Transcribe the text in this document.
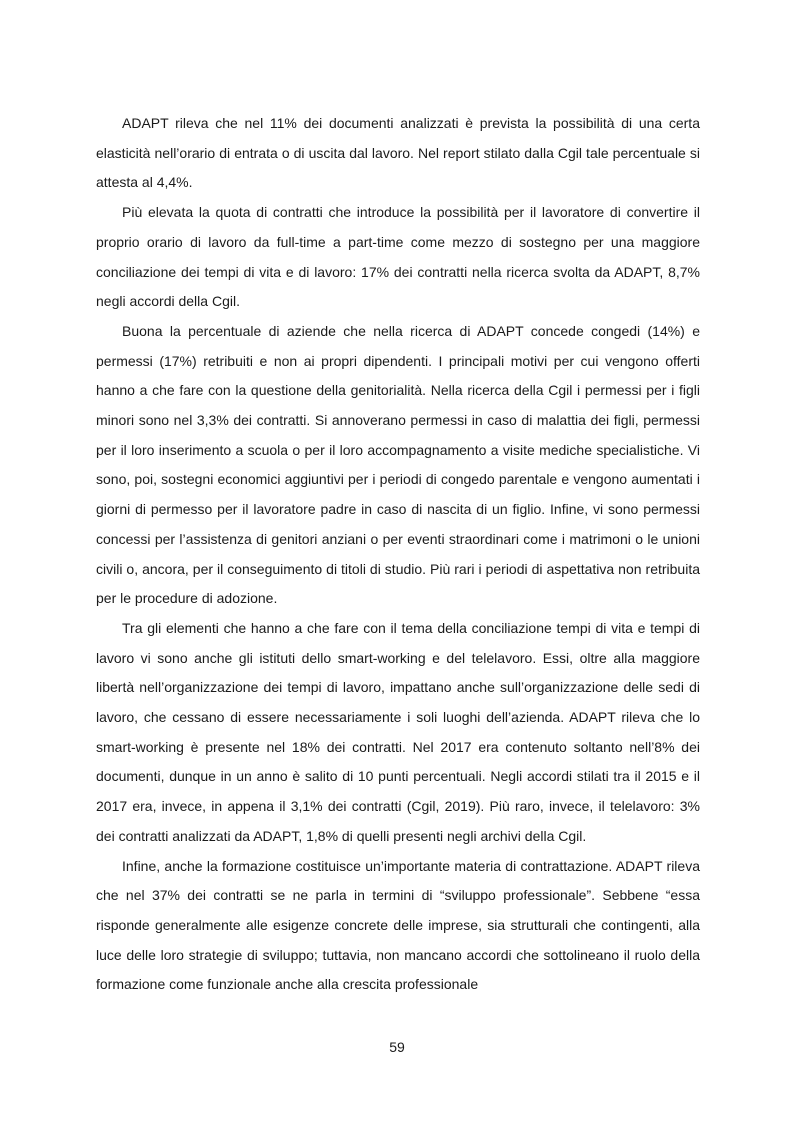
ADAPT rileva che nel 11% dei documenti analizzati è prevista la possibilità di una certa elasticità nell’orario di entrata o di uscita dal lavoro. Nel report stilato dalla Cgil tale percentuale si attesta al 4,4%.

Più elevata la quota di contratti che introduce la possibilità per il lavoratore di convertire il proprio orario di lavoro da full-time a part-time come mezzo di sostegno per una maggiore conciliazione dei tempi di vita e di lavoro: 17% dei contratti nella ricerca svolta da ADAPT, 8,7% negli accordi della Cgil.

Buona la percentuale di aziende che nella ricerca di ADAPT concede congedi (14%) e permessi (17%) retribuiti e non ai propri dipendenti. I principali motivi per cui vengono offerti hanno a che fare con la questione della genitorialità. Nella ricerca della Cgil i permessi per i figli minori sono nel 3,3% dei contratti. Si annoverano permessi in caso di malattia dei figli, permessi per il loro inserimento a scuola o per il loro accompagnamento a visite mediche specialistiche. Vi sono, poi, sostegni economici aggiuntivi per i periodi di congedo parentale e vengono aumentati i giorni di permesso per il lavoratore padre in caso di nascita di un figlio. Infine, vi sono permessi concessi per l’assistenza di genitori anziani o per eventi straordinari come i matrimoni o le unioni civili o, ancora, per il conseguimento di titoli di studio. Più rari i periodi di aspettativa non retribuita per le procedure di adozione.

Tra gli elementi che hanno a che fare con il tema della conciliazione tempi di vita e tempi di lavoro vi sono anche gli istituti dello smart-working e del telelavoro. Essi, oltre alla maggiore libertà nell’organizzazione dei tempi di lavoro, impattano anche sull’organizzazione delle sedi di lavoro, che cessano di essere necessariamente i soli luoghi dell’azienda. ADAPT rileva che lo smart-working è presente nel 18% dei contratti. Nel 2017 era contenuto soltanto nell’8% dei documenti, dunque in un anno è salito di 10 punti percentuali. Negli accordi stilati tra il 2015 e il 2017 era, invece, in appena il 3,1% dei contratti (Cgil, 2019). Più raro, invece, il telelavoro: 3% dei contratti analizzati da ADAPT, 1,8% di quelli presenti negli archivi della Cgil.

Infine, anche la formazione costituisce un’importante materia di contrattazione. ADAPT rileva che nel 37% dei contratti se ne parla in termini di “sviluppo professionale”. Sebbene “essa risponde generalmente alle esigenze concrete delle imprese, sia strutturali che contingenti, alla luce delle loro strategie di sviluppo; tuttavia, non mancano accordi che sottolineano il ruolo della formazione come funzionale anche alla crescita professionale

59
